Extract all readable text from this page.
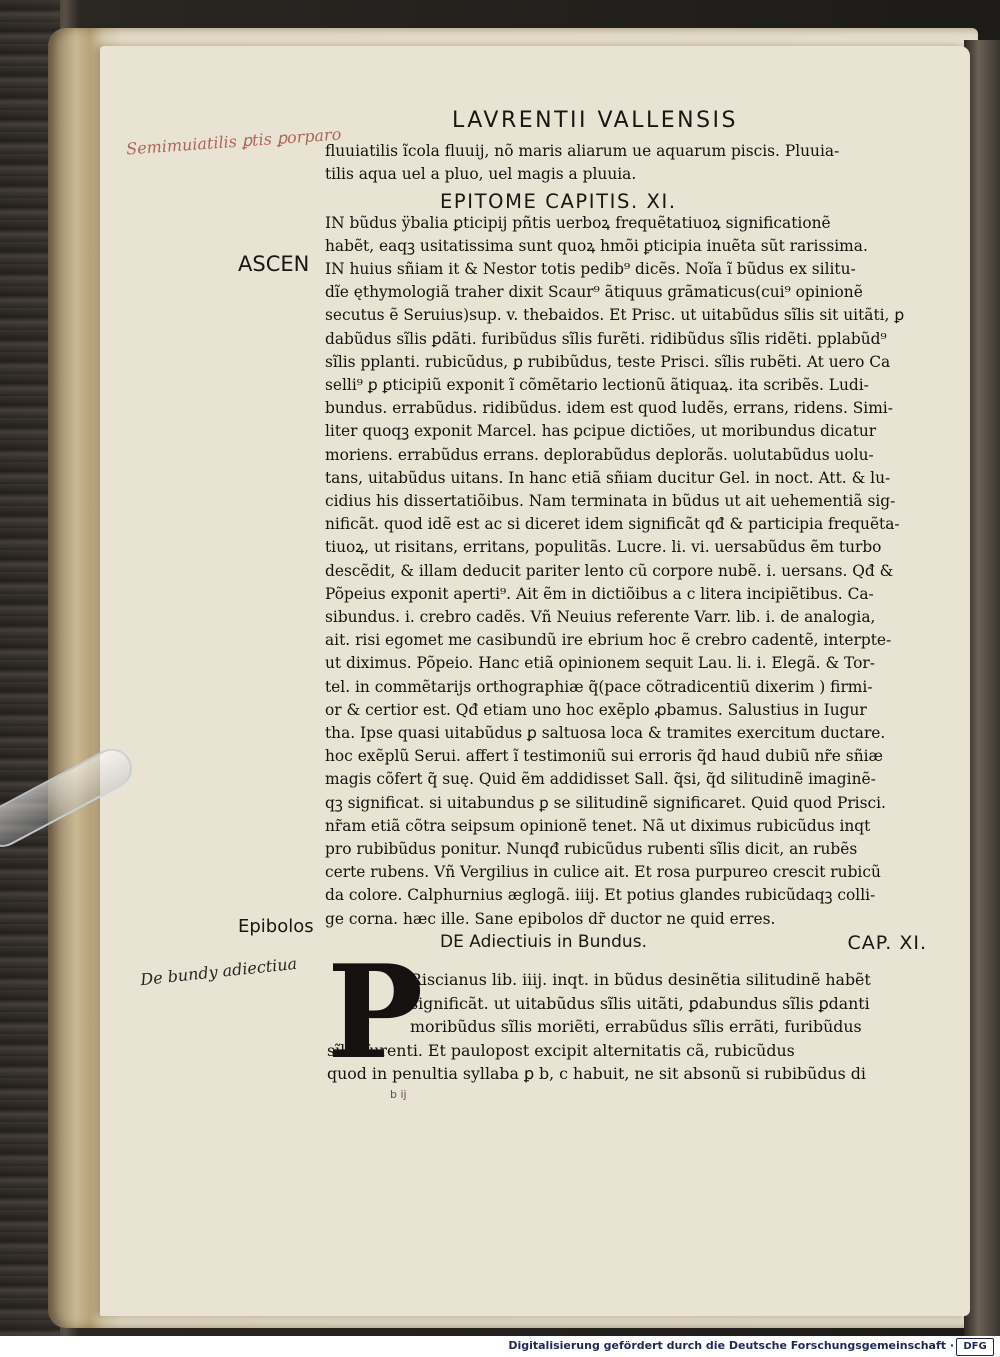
Semimuiatilis ꝑtis ꝑorparo
LAVRENTII VALLENSIS
fluuiatilis ĩcola fluuij, nõ maris aliarum ue aquarum piscis. Pluuia-
tilis aqua uel a pluo, uel magis a pluuia.
EPITOME CAPITIS. XI.
IN bũdus ÿbalia ꝑticipij pñtis uerboꝝ frequẽtatiuoꝝ significationẽ
habẽt, eaqꝫ usitatissima sunt quoꝝ hmõi ꝑticipia inuẽta sũt rarissima.
ASCEN IN huius sñiam it & Nestor totis pedib⁹ dicẽs. Noĩa ĩ bũdus ex silitu-
dĩe ęthymologiã traher dixit Scaur⁹ ãtiquus grãmaticus(cui⁹ opinionẽ
secutus ẽ Seruius)sup. v. thebaidos. Et Prisc. ut uitabũdus sĩlis sit uitãti, ꝑ
dabũdus sĩlis ꝑdãti. furibũdus sĩlis furẽti. ridibũdus sĩlis ridẽti. pplabũd⁹
sĩlis pplanti. rubicũdus, ꝑ rubibũdus, teste Prisci. sĩlis rubẽti. At uero Ca
selli⁹ ꝑ ꝑticipiũ exponit ĩ cõmẽtario lectionũ ãtiquaꝝ. ita scribẽs. Ludi-
bundus. errabũdus. ridibũdus. idem est quod ludẽs, errans, ridens. Simi-
liter quoqꝫ exponit Marcel. has ꝑcipue dictiões, ut moribundus dicatur
moriens. errabũdus errans. deplorabũdus deplorãs. uolutabũdus uolu-
tans, uitabũdus uitans. In hanc etiã sñiam ducitur Gel. in noct. Att. & lu-
cidius his dissertatiõibus. Nam terminata in bũdus ut ait uehementiã sig-
nificãt. quod idẽ est ac si diceret idem significãt qđ & participia frequẽta-
tiuoꝝ, ut risitans, erritans, populitãs. Lucre. li. vi. uersabũdus ẽm turbo
descẽdit, & illam deducit pariter lento cũ corpore nubẽ. i. uersans. Qđ &
Põpeius exponit aperti⁹. Ait ẽm in dictiõibus a c litera incipiẽtibus. Ca-
sibundus. i. crebro cadẽs. Vñ Neuius referente Varr. lib. i. de analogia,
ait. risi egomet me casibundũ ire ebrium hoc ẽ crebro cadentẽ, interpte-
ut diximus. Põpeio. Hanc etiã opinionem sequit Lau. li. i. Elegã. & Tor-
tel. in commẽtarijs orthographiæ q̃(pace cõtradicentiũ dixerim ) firmi-
or & certior est. Qđ etiam uno hoc exẽplo ꝓbamus. Salustius in Iugur
tha. Ipse quasi uitabũdus ꝑ saltuosa loca & tramites exercitum ductare.
hoc exẽplũ Serui. affert ĩ testimoniũ sui erroris q̃d haud dubiũ nr̃e sñiæ
magis cõfert q̃ suę. Quid ẽm addidisset Sall. q̃si, q̃d silitudinẽ imaginẽ-
qꝫ significat. si uitabundus ꝑ se silitudinẽ significaret. Quid quod Prisci.
nr̃am etiã cõtra seipsum opinionẽ tenet. Nã ut diximus rubicũdus inqt
pro rubibũdus ponitur. Nunqđ rubicũdus rubenti sĩlis dicit, an rubẽs
certe rubens. Vñ Vergilius in culice ait. Et rosa purpureo crescit rubicũ
da colore. Calphurnius æglogã. iiij. Et potius glandes rubicũdaqꝫ colli-
ge corna. hæc ille. Sane epibolos dr̃ ductor ne quid erres.
Epibolos
De bundy adiectiua
DE Adiectiuis in Bundus.	CAP. XI.
P
Riscianus lib. iiij. inqt. in bũdus desinẽtia silitudinẽ habẽt
significãt. ut uitabũdus sĩlis uitãti, ꝑdabundus sĩlis ꝑdanti
moribũdus sĩlis moriẽti, errabũdus sĩlis errãti, furibũdus
sĩlis furenti. Et paulopost excipit alternitatis cã, rubicũdus
quod in penultia syllaba ꝑ b, c habuit, ne sit absonũ si rubibũdus di
b ij
Digitalisierung gefördert durch die Deutsche Forschungsgemeinschaft · DFG
